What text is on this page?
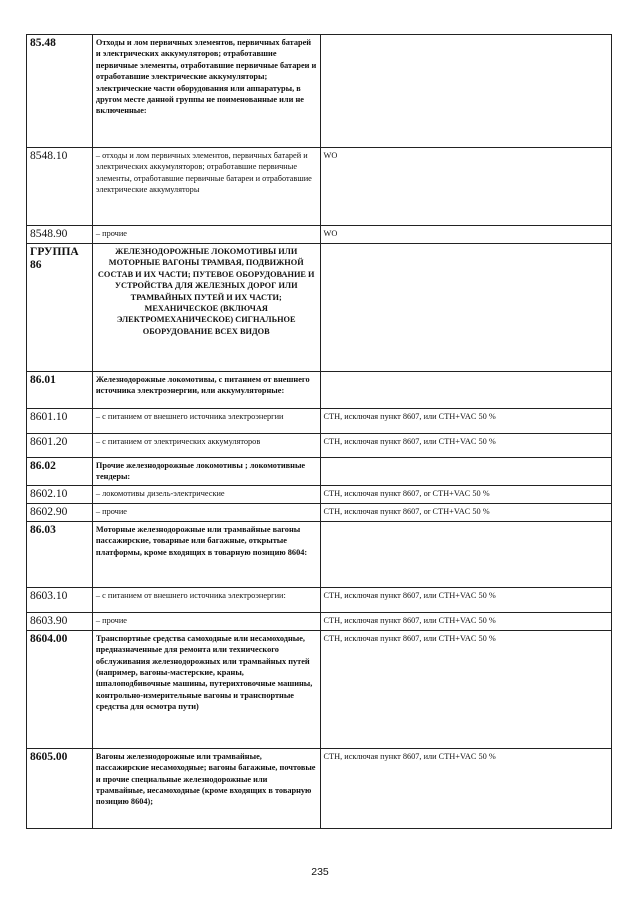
85.48	Отходы и лом первичных элементов, первичных батарей и электрических аккумуляторов; отработавшие первичные элементы, отработавшие первичные батареи и отработавшие электрические аккумуляторы; электрические части оборудования или аппаратуры, в другом месте данной группы не поименованные или не включенные:	
8548.10	– отходы и лом первичных элементов, первичных батарей и электрических аккумуляторов; отработавшие первичные элементы, отработавшие первичные батареи и отработавшие электрические аккумуляторы	WO
8548.90	– прочие	WO
ГРУППА 86	ЖЕЛЕЗНОДОРОЖНЫЕ ЛОКОМОТИВЫ ИЛИ МОТОРНЫЕ ВАГОНЫ ТРАМВАЯ, ПОДВИЖНОЙ СОСТАВ И ИХ ЧАСТИ; ПУТЕВОЕ ОБОРУДОВАНИЕ И УСТРОЙСТВА ДЛЯ ЖЕЛЕЗНЫХ ДОРОГ ИЛИ ТРАМВАЙНЫХ ПУТЕЙ И ИХ ЧАСТИ; МЕХАНИЧЕСКОЕ (ВКЛЮЧАЯ ЭЛЕКТРОМЕХАНИЧЕСКОЕ) СИГНАЛЬНОЕ ОБОРУДОВАНИЕ ВСЕХ ВИДОВ	
86.01	Железнодорожные локомотивы, с питанием от внешнего источника электроэнергии, или аккумуляторные:	
8601.10	– с питанием от внешнего источника электроэнергии	СТН, исключая пункт 8607, или СТН+VAC 50 %
8601.20	– с питанием от электрических аккумуляторов	СТН, исключая пункт 8607, или СТН+VAC 50 %
86.02	Прочие железнодорожные локомотивы ; локомотивные тендеры:	
8602.10	– локомотивы дизель-электрические	СТН, исключая пункт 8607, or СТН+VAC 50 %
8602.90	– прочие	СТН, исключая пункт 8607, or СТН+VAC 50 %
86.03	Моторные железнодорожные или трамвайные вагоны пассажирские, товарные или багажные, открытые платформы, кроме входящих в товарную позицию 8604:	
8603.10	– с питанием от внешнего источника электроэнергии:	СТН, исключая пункт 8607, или СТН+VAC 50 %
8603.90	– прочие	СТН, исключая пункт 8607, или СТН+VAC 50 %
8604.00	Транспортные средства самоходные или несамоходные, предназначенные для ремонта или технического обслуживания железнодорожных или трамвайных путей (например, вагоны-мастерские, краны, шпалоподбивочные машины, путерихтовочные машины, контрольно-измерительные вагоны и транспортные средства для осмотра пути)	СТН, исключая пункт 8607, или СТН+VAC 50 %
8605.00	Вагоны железнодорожные или трамвайные, пассажирские несамоходные; вагоны багажные, почтовые и прочие специальные железнодорожные или трамвайные, несамоходные (кроме входящих в товарную позицию 8604);	СТН, исключая пункт 8607, или СТН+VAC 50 %
235
